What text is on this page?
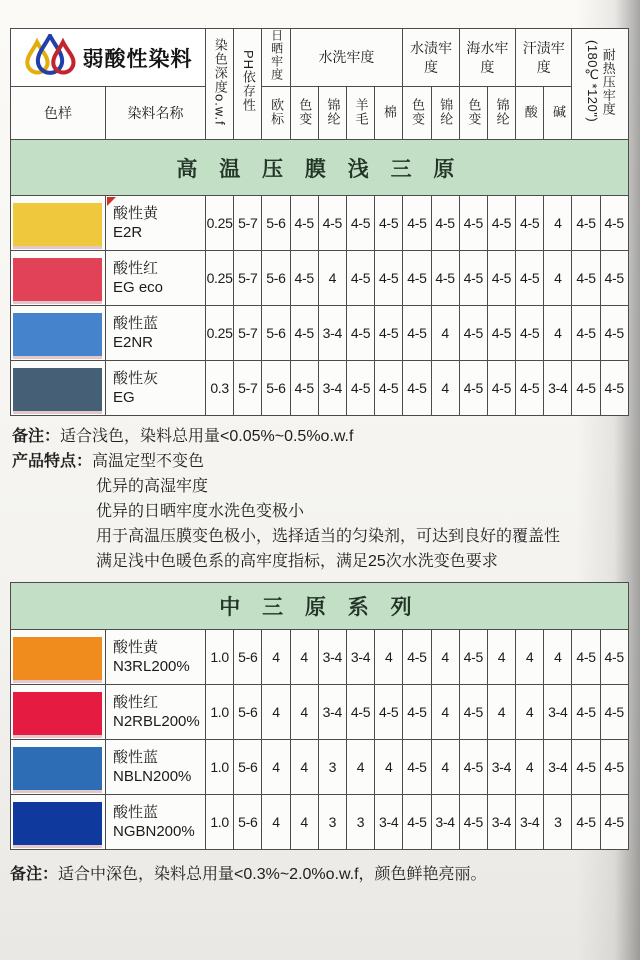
弱酸性染料		染色深度o.w.f	PH依存性	日晒牢度	水洗牢度				水渍牢度		海水牢度		汗渍牢度		耐热压牢度
(180℃*120")	

色样	染料名称			欧标	色变	锦纶	羊毛	棉	色变	锦纶	色变	锦纶	酸	碱		
高 温 压 膜 浅 三 原																

	酸性黄
E2R	0.25	5-7	5-6	4-5	4-5	4-5	4-5	4-5	4-5	4-5	4-5	4-5	4	4-5	4-5

	酸性红
EG eco	0.25	5-7	5-6	4-5	4	4-5	4-5	4-5	4-5	4-5	4-5	4-5	4	4-5	4-5

	酸性蓝
E2NR	0.25	5-7	5-6	4-5	3-4	4-5	4-5	4-5	4	4-5	4-5	4-5	4	4-5	4-5

	酸性灰
EG	0.3	5-7	5-6	4-5	3-4	4-5	4-5	4-5	4	4-5	4-5	4-5	3-4	4-5	4-5
备注：适合浅色，染料总用量<0.05%~0.5%o.w.f
产品特点：高温定型不变色
优异的高湿牢度
优异的日晒牢度水洗色变极小
用于高温压膜变色极小，选择适当的匀染剂，可达到良好的覆盖性
满足浅中色暖色系的高牢度指标，满足25次水洗变色要求
中 三 原 系 列																

	酸性黄
N3RL200%	1.0	5-6	4	4	3-4	3-4	4	4-5	4	4-5	4	4	4	4-5	4-5

	酸性红
N2RBL200%	1.0	5-6	4	4	3-4	4-5	4-5	4-5	4	4-5	4	4	3-4	4-5	4-5

	酸性蓝
NBLN200%	1.0	5-6	4	4	3	4	4	4-5	4	4-5	3-4	4	3-4	4-5	4-5

	酸性蓝
NGBN200%	1.0	5-6	4	4	3	3	3-4	4-5	3-4	4-5	3-4	3-4	3	4-5	4-5
备注：适合中深色，染料总用量<0.3%~2.0%o.w.f，颜色鲜艳亮丽。
